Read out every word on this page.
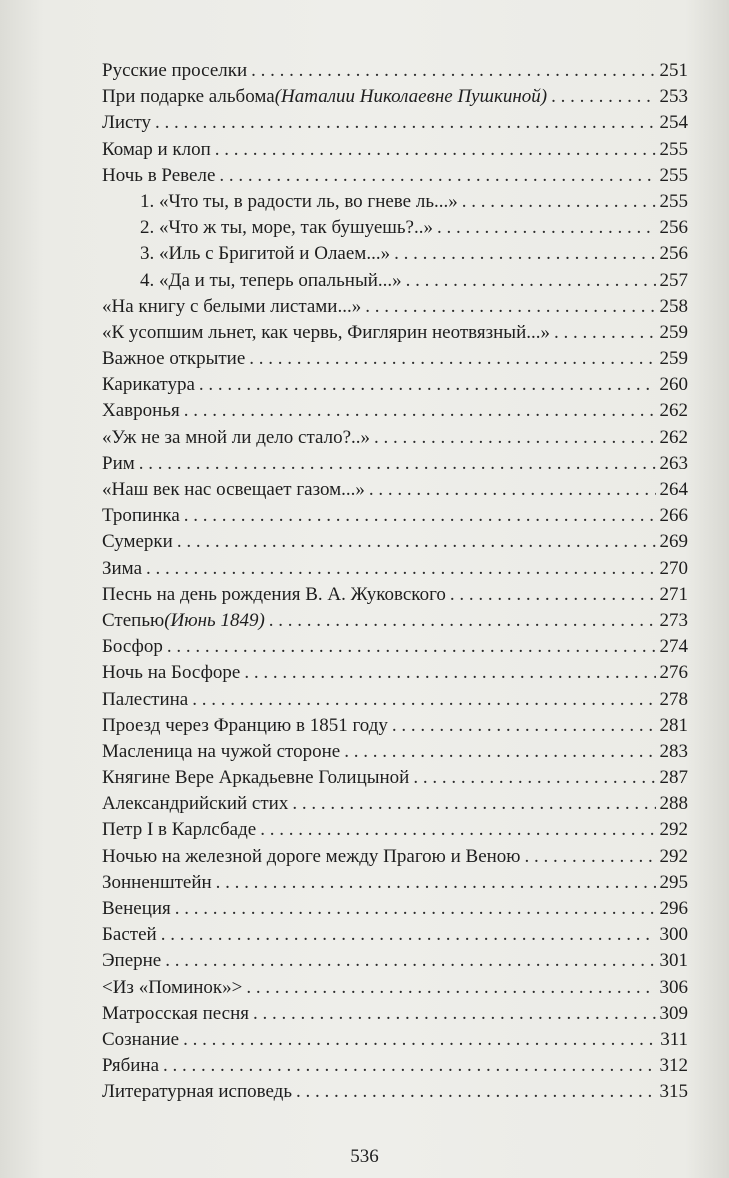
Русские проселки . . .	251
При подарке альбома (Наталии Николаевне Пушкиной) . . .	253
Листу . . .	254
Комар и клоп . . .	255
Ночь в Ревеле . . .	255
1. «Что ты, в радости ль, во гневе ль...» . . .	255
2. «Что ж ты, море, так бушуешь?..» . . .	256
3. «Иль с Бригитой и Олаем...» . . .	256
4. «Да и ты, теперь опальный...» . . .	257
«На книгу с белыми листами...» . . .	258
«К усопшим льнет, как червь, Фиглярин неотвязный...» . . .	259
Важное открытие . . .	259
Карикатура . . .	260
Хавронья . . .	262
«Уж не за мной ли дело стало?..» . . .	262
Рим . . .	263
«Наш век нас освещает газом...» . . .	264
Тропинка . . .	266
Сумерки . . .	269
Зима . . .	270
Песнь на день рождения В. А. Жуковского . . .	271
Степью (Июнь 1849) . . .	273
Босфор . . .	274
Ночь на Босфоре . . .	276
Палестина . . .	278
Проезд через Францию в 1851 году . . .	281
Масленица на чужой стороне . . .	283
Княгине Вере Аркадьевне Голицыной . . .	287
Александрийский стих . . .	288
Петр I в Карлсбаде . . .	292
Ночью на железной дороге между Прагою и Веною . . .	292
Зонненштейн . . .	295
Венеция . . .	296
Бастей . . .	300
Эперне . . .	301
<Из «Поминок»> . . .	306
Матросская песня . . .	309
Сознание . . .	311
Рябина . . .	312
Литературная исповедь . . .	315
536
